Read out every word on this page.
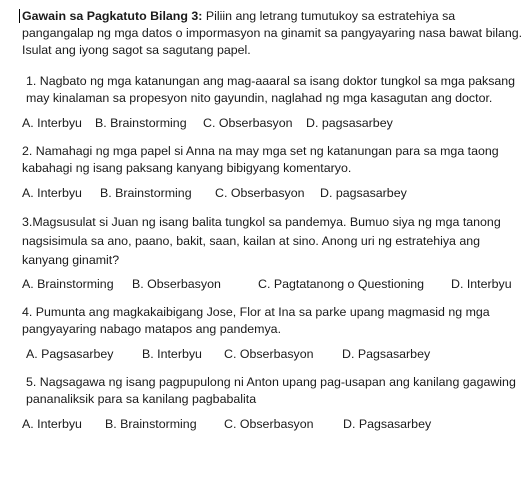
Gawain sa Pagkatuto Bilang 3: Piliin ang letrang tumutukoy sa estratehiya sa pangangalap ng mga datos o impormasyon na ginamit sa pangyayaring nasa bawat bilang. Isulat ang iyong sagot sa sagutang papel.

1. Nagbato ng mga katanungan ang mag-aaaral sa isang doktor tungkol sa mga paksang may kinalaman sa propesyon nito gayundin, naglahad ng mga kasagutan ang doctor.

A. Interbyu	B. Brainstorming	C. Obserbasyon	D. pagsasarbey

2. Namahagi ng mga papel si Anna na may mga set ng katanungan para sa mga taong kabahagi ng isang paksang kanyang bibigyang komentaryo.

A. Interbyu	B. Brainstorming	C. Obserbasyon	D. pagsasarbey

3.Magsusulat si Juan ng isang balita tungkol sa pandemya. Bumuo siya ng mga tanong nagsisimula sa ano, paano, bakit, saan, kailan at sino. Anong uri ng estratehiya ang kanyang ginamit?

A. Brainstorming	B. Obserbasyon	C. Pagtatanong o Questioning	D. Interbyu

4. Pumunta ang magkakaibigang Jose, Flor at Ina sa parke upang magmasid ng mga pangyayaring nabago matapos ang pandemya.

A. Pagsasarbey	B. Interbyu	C. Obserbasyon	D. Pagsasarbey

5. Nagsagawa ng isang pagpupulong ni Anton upang pag-usapan ang kanilang gagawing pananaliksik para sa kanilang pagbabalita

A. Interbyu	B. Brainstorming	C. Obserbasyon	D. Pagsasarbey
